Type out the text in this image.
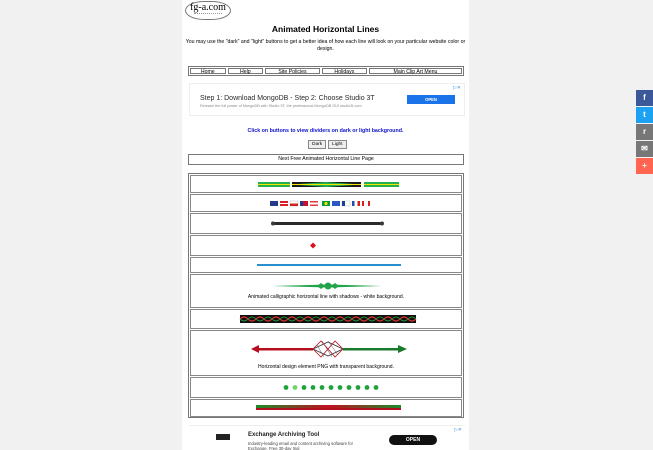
fg-a.com
Animated Horizontal Lines
You may use the "dark" and "light" buttons to get a better idea of how each line will look on your particular website color or design.
Home	Help	Site Policies	Holidays	Main Clip Art Menu
▷✕
Step 1: Download MongoDB - Step 2: Choose Studio 3T
Release the full power of MongoDB with Studio 3T, the professional MongoDB GUI studio3t.com
OPEN
Click on buttons to view dividers on dark or light background.
Dark	Light
Next Free Animated Horizontal Line Page
Animated calligraphic horizontal line with shadows - white background.
Horizontal design element PNG with transparent background.
▷✕
Exchange Archiving Tool
Industry-leading email and content archiving software for Exchange. Free 30-day trial
OPEN
f
t
r
✉
+
